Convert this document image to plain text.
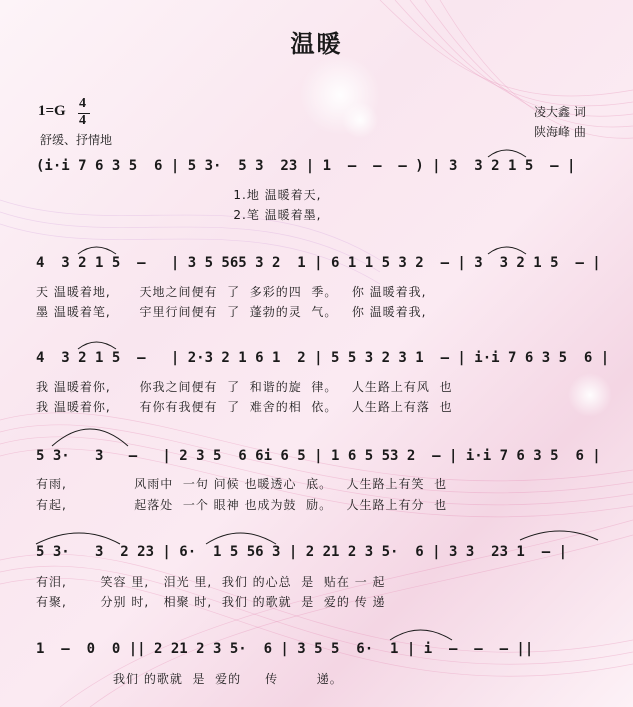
温暖
1=G 4
4
舒缓、抒情地
凌大鑫 词
陕海峰 曲
(i·i 7 6 3 5  6 | 5 3·  5 3  23 | 1  –  –  – ) | 3  3 2 1 5  – |
1.地 温暖着天,
2.笔 温暖着墨,
4  3 2 1 5  –   | 3 5 565 3 2  1 | 6 1 1 5 3 2  – | 3  3 2 1 5  – |
天 温暖着地,      天地之间便有  了  多彩的四  季。   你 温暖着我,
墨 温暖着笔,      宇里行间便有  了  蓬勃的灵  气。   你 温暖着我,
4  3 2 1 5  –   | 2·3 2 1 6 1  2 | 5 5 3 2 3 1  – | i·i 7 6 3 5  6 |
我 温暖着你,      你我之间便有  了  和谐的旋  律。   人生路上有风  也
我 温暖着你,      有你有我便有  了  难舍的相  依。   人生路上有落  也
5 3·   3   –   | 2 3 5  6 6i 6 5 | 1 6 5 53 2  – | i·i 7 6 3 5  6 |
有雨,              风雨中  一句 问候 也暖透心  底。   人生路上有笑  也
有起,              起落处  一个 眼神 也成为鼓  励。   人生路上有分  也
5 3·   3  2 23 | 6·  1 5 56 3 | 2 21 2 3 5·  6 | 3 3  23 1  – |
有泪,       笑容 里,   泪光 里,  我们 的心总  是  贴在 一 起
有聚,       分别 时,   相聚 时,  我们 的歌就  是  爱的 传 递
1  –  0  0 || 2 21 2 3 5·  6 | 3 5 5  6·  1 | i  –  –  – ||
我们 的歌就  是  爱的     传        递。
